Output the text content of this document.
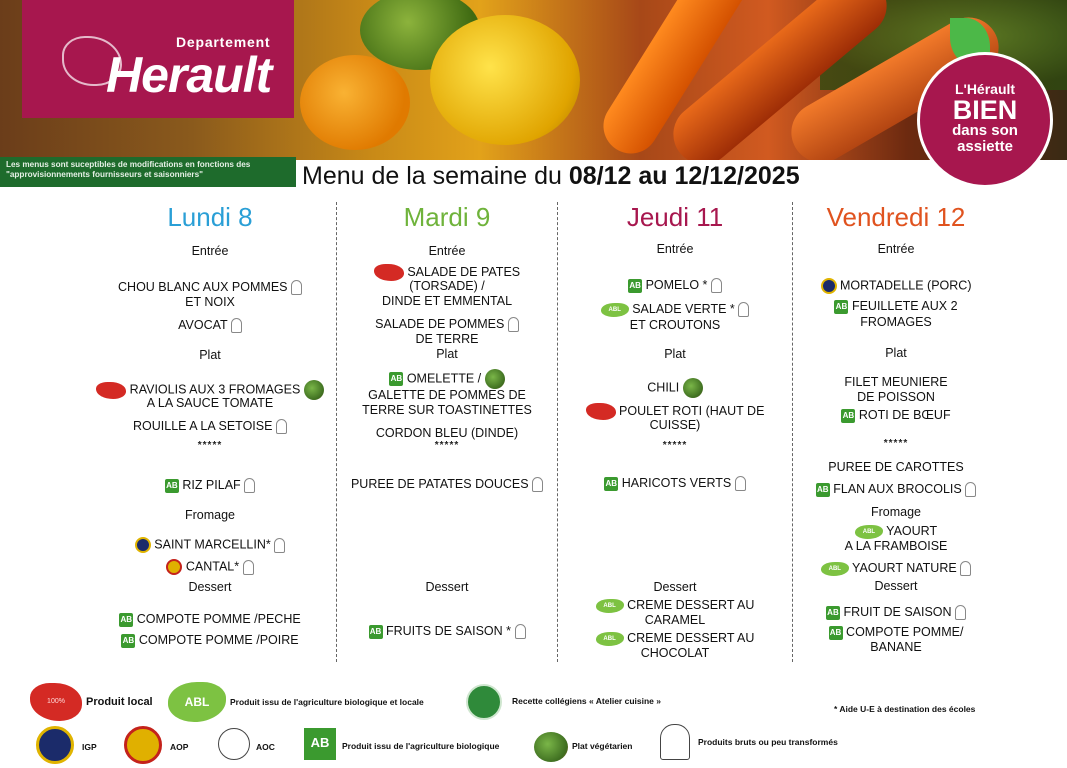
Departement
Herault
Les menus sont suceptibles de modifications en fonctions des "approvisionnements fournisseurs et saisonniers"
L'Hérault
BIEN
dans son
assiette
Menu de la semaine du 08/12 au 12/12/2025
Lundi 8
Entrée
CHOU BLANC AUX POMMES
ET NOIX
AVOCAT
Plat
RAVIOLIS AUX 3 FROMAGES
A LA SAUCE TOMATE
ROUILLE A LA SETOISE
*****
AB RIZ PILAF
Fromage
SAINT MARCELLIN*
CANTAL*
Dessert
AB COMPOTE POMME /PECHE
AB COMPOTE POMME /POIRE
Mardi 9
Entrée
SALADE DE PATES
(TORSADE) /
DINDE ET EMMENTAL
SALADE DE POMMES
DE TERRE
Plat
AB OMELETTE /
GALETTE DE POMMES DE
TERRE SUR TOASTINETTES
CORDON BLEU (DINDE)
*****
PUREE DE PATATES DOUCES
Dessert
AB FRUITS DE SAISON *
Jeudi 11
Entrée
AB POMELO *
ABL SALADE VERTE *
ET CROUTONS
Plat
CHILI
POULET ROTI (HAUT DE
CUISSE)
*****
AB HARICOTS VERTS
Dessert
ABL CREME DESSERT AU
CARAMEL
ABL CREME DESSERT AU
CHOCOLAT
Vendredi 12
Entrée
MORTADELLE (PORC)
AB FEUILLETE AUX 2
FROMAGES
Plat
FILET MEUNIERE
DE POISSON
AB ROTI DE BŒUF
*****
PUREE DE CAROTTES
AB FLAN AUX BROCOLIS
Fromage
ABL YAOURT
A LA FRAMBOISE
ABL YAOURT NATURE
Dessert
AB FRUIT DE SAISON
AB COMPOTE POMME/
BANANE
100%	Produit local	ABL	Produit issu de l'agriculture biologique et locale	Recette collégiens « Atelier cuisine »
* Aide U-E à destination des écoles
IGP	AOP	AOC	AB	Produit issu de l'agriculture biologique	Plat végétarien	Produits bruts ou peu transformés
